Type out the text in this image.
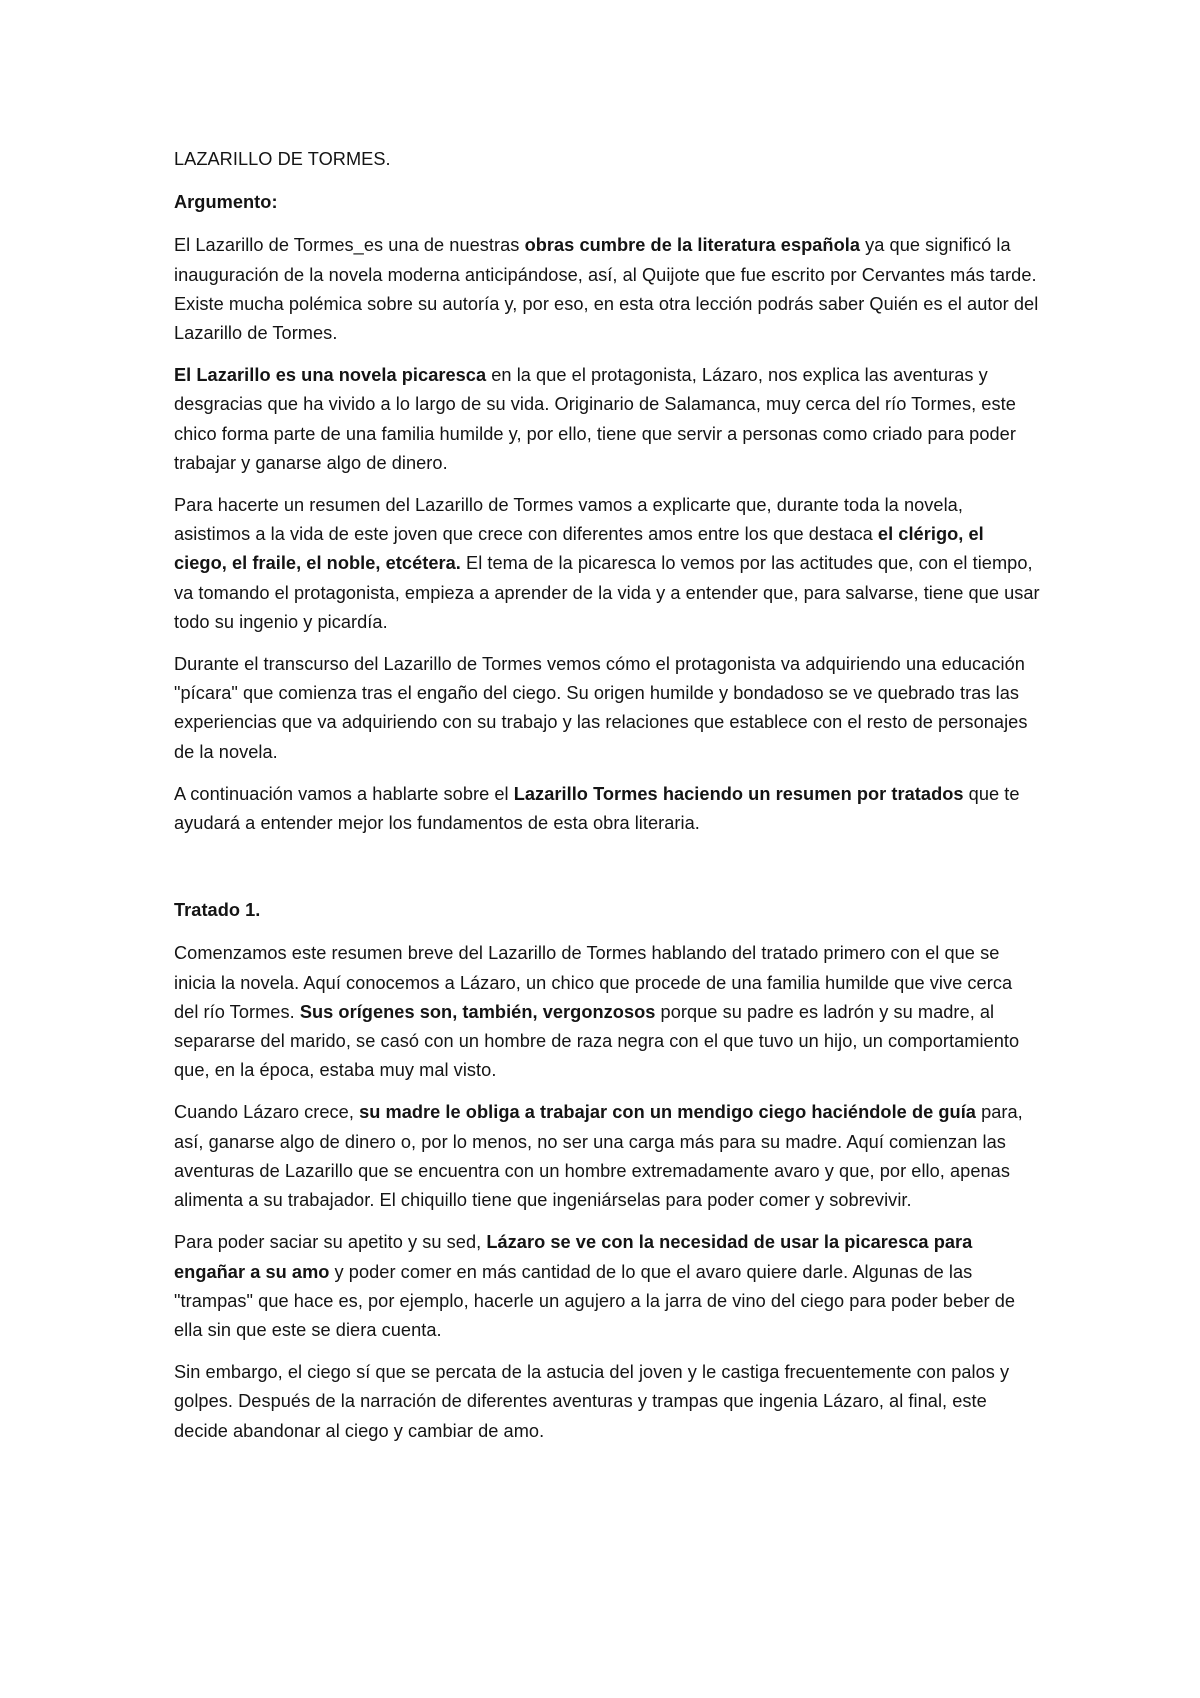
LAZARILLO DE TORMES.
Argumento:

El Lazarillo de Tormes_es una de nuestras obras cumbre de la literatura española ya que significó la inauguración de la novela moderna anticipándose, así, al Quijote que fue escrito por Cervantes más tarde. Existe mucha polémica sobre su autoría y, por eso, en esta otra lección podrás saber Quién es el autor del Lazarillo de Tormes.

El Lazarillo es una novela picaresca en la que el protagonista, Lázaro, nos explica las aventuras y desgracias que ha vivido a lo largo de su vida. Originario de Salamanca, muy cerca del río Tormes, este chico forma parte de una familia humilde y, por ello, tiene que servir a personas como criado para poder trabajar y ganarse algo de dinero.

Para hacerte un resumen del Lazarillo de Tormes vamos a explicarte que, durante toda la novela, asistimos a la vida de este joven que crece con diferentes amos entre los que destaca el clérigo, el ciego, el fraile, el noble, etcétera. El tema de la picaresca lo vemos por las actitudes que, con el tiempo, va tomando el protagonista, empieza a aprender de la vida y a entender que, para salvarse, tiene que usar todo su ingenio y picardía.

Durante el transcurso del Lazarillo de Tormes vemos cómo el protagonista va adquiriendo una educación "pícara" que comienza tras el engaño del ciego. Su origen humilde y bondadoso se ve quebrado tras las experiencias que va adquiriendo con su trabajo y las relaciones que establece con el resto de personajes de la novela.

A continuación vamos a hablarte sobre el Lazarillo Tormes haciendo un resumen por tratados que te ayudará a entender mejor los fundamentos de esta obra literaria.

Tratado 1.

Comenzamos este resumen breve del Lazarillo de Tormes hablando del tratado primero con el que se inicia la novela. Aquí conocemos a Lázaro, un chico que procede de una familia humilde que vive cerca del río Tormes. Sus orígenes son, también, vergonzosos porque su padre es ladrón y su madre, al separarse del marido, se casó con un hombre de raza negra con el que tuvo un hijo, un comportamiento que, en la época, estaba muy mal visto.

Cuando Lázaro crece, su madre le obliga a trabajar con un mendigo ciego haciéndole de guía para, así, ganarse algo de dinero o, por lo menos, no ser una carga más para su madre. Aquí comienzan las aventuras de Lazarillo que se encuentra con un hombre extremadamente avaro y que, por ello, apenas alimenta a su trabajador. El chiquillo tiene que ingeniárselas para poder comer y sobrevivir.

Para poder saciar su apetito y su sed, Lázaro se ve con la necesidad de usar la picaresca para engañar a su amo y poder comer en más cantidad de lo que el avaro quiere darle. Algunas de las "trampas" que hace es, por ejemplo, hacerle un agujero a la jarra de vino del ciego para poder beber de ella sin que este se diera cuenta.

Sin embargo, el ciego sí que se percata de la astucia del joven y le castiga frecuentemente con palos y golpes. Después de la narración de diferentes aventuras y trampas que ingenia Lázaro, al final, este decide abandonar al ciego y cambiar de amo.
